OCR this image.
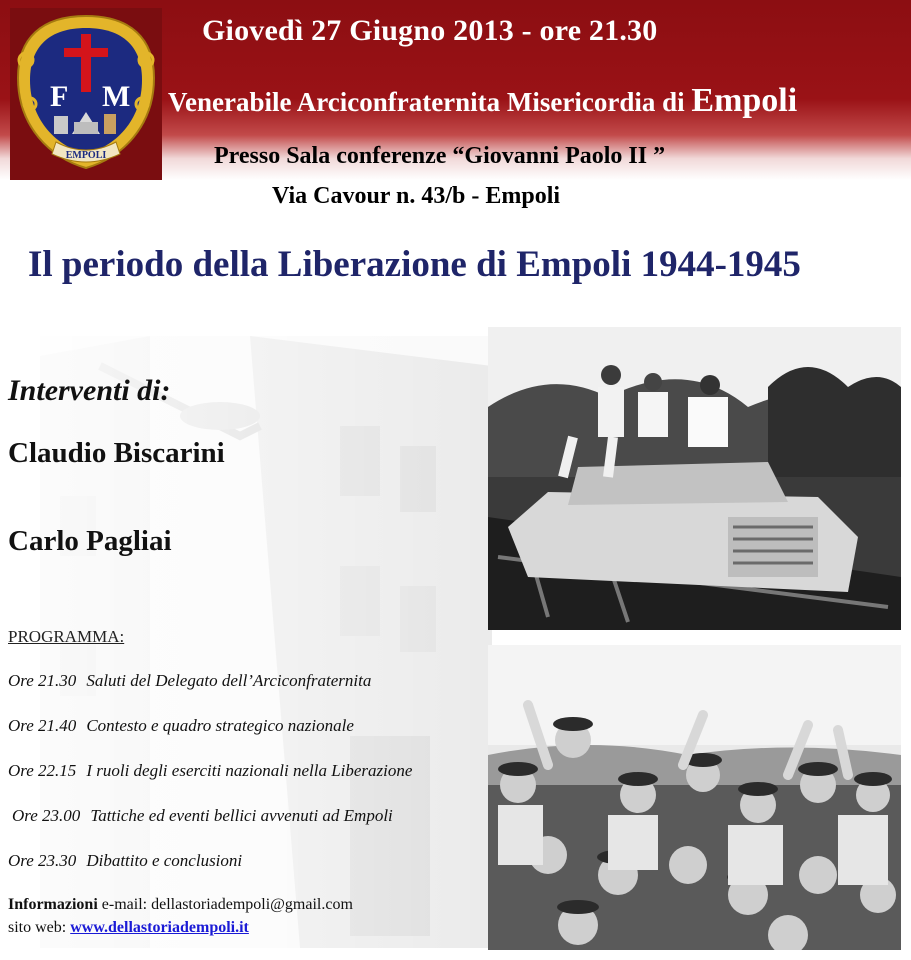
F M
EMPOLI
Giovedì 27 Giugno 2013 - ore 21.30
Venerabile Arciconfraternita Misericordia di Empoli
Presso Sala conferenze “Giovanni Paolo II ”
Via Cavour n. 43/b - Empoli
Il periodo della Liberazione di Empoli 1944-1945
Interventi di:
Claudio Biscarini
Carlo Pagliai
PROGRAMMA:
Ore 21.30 Saluti del Delegato dell’Arciconfraternita
Ore 21.40 Contesto e quadro strategico nazionale
Ore 22.15 I ruoli degli eserciti nazionali nella Liberazione
Ore 23.00 Tattiche ed eventi bellici avvenuti ad Empoli
Ore 23.30 Dibattito e conclusioni
Informazioni e-mail: dellastoriadempoli@gmail.com
sito web: www.dellastoriadempoli.it
